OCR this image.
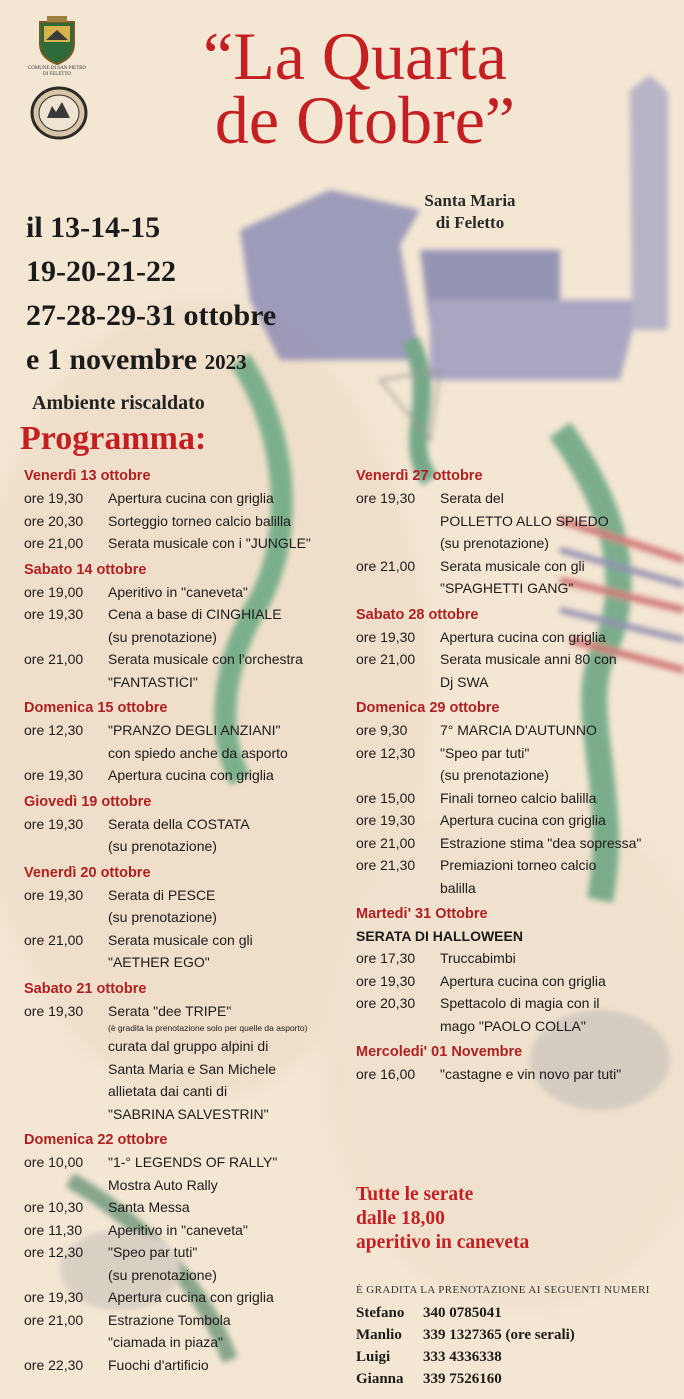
COMUNE DI SAN PIETRO
DI FELETTO	“La Quarta
de Otobre”
Santa Maria
di Feletto
il 13-14-15
19-20-21-22
27-28-29-31 ottobre
e 1 novembre 2023
Ambiente riscaldato
Programma:
Venerdì 13 ottobre
ore 19,30	Apertura cucina con griglia
ore 20,30	Sorteggio torneo calcio balilla
ore 21,00	Serata musicale con i "JUNGLE"
Sabato 14 ottobre
ore 19,00	Aperitivo in "caneveta"
ore 19,30	Cena a base di CINGHIALE
(su prenotazione)
ore 21,00	Serata musicale con l'orchestra
"FANTASTICI"
Domenica 15 ottobre
ore 12,30	"PRANZO DEGLI ANZIANI"
con spiedo anche da asporto
ore 19,30	Apertura cucina con griglia
Giovedì 19 ottobre
ore 19,30	Serata della COSTATA
(su prenotazione)
Venerdì 20 ottobre
ore 19,30	Serata di PESCE
(su prenotazione)
ore 21,00	Serata musicale con gli
"AETHER EGO"
Sabato 21 ottobre
ore 19,30	Serata "dee TRIPE"
(è gradita la prenotazione solo per quelle da asporto)
curata dal gruppo alpini di
Santa Maria e San Michele
allietata dai canti di
"SABRINA SALVESTRIN"
Domenica 22 ottobre
ore 10,00	"1-° LEGENDS OF RALLY"
Mostra Auto Rally
ore 10,30	Santa Messa
ore 11,30	Aperitivo in "caneveta"
ore 12,30	"Speo par tuti"
(su prenotazione)
ore 19,30	Apertura cucina con griglia
ore 21,00	Estrazione Tombola
"ciamada in piaza"
ore 22,30	Fuochi d'artificio
Venerdì 27 ottobre
ore 19,30	Serata del
POLLETTO ALLO SPIEDO
(su prenotazione)
ore 21,00	Serata musicale con gli
"SPAGHETTI GANG"
Sabato 28 ottobre
ore 19,30	Apertura cucina con griglia
ore 21,00	Serata musicale anni 80 con
Dj SWA
Domenica 29 ottobre
ore 9,30	7° MARCIA D'AUTUNNO
ore 12,30	"Speo par tuti"
(su prenotazione)
ore 15,00	Finali torneo calcio balilla
ore 19,30	Apertura cucina con griglia
ore 21,00	Estrazione stima "dea sopressa"
ore 21,30	Premiazioni torneo calcio
balilla
Martedi' 31 Ottobre
SERATA DI HALLOWEEN
ore 17,30	Truccabimbi
ore 19,30	Apertura cucina con griglia
ore 20,30	Spettacolo di magia con il
mago "PAOLO COLLA"
Mercoledi' 01 Novembre
ore 16,00	"castagne e vin novo par tuti"
Tutte le serate
dalle 18,00
aperitivo in caneveta
È GRADITA LA PRENOTAZIONE AI SEGUENTI NUMERI
Stefano	340 0785041
Manlio	339 1327365 (ore serali)
Luigi	333 4336338
Gianna	339 7526160
